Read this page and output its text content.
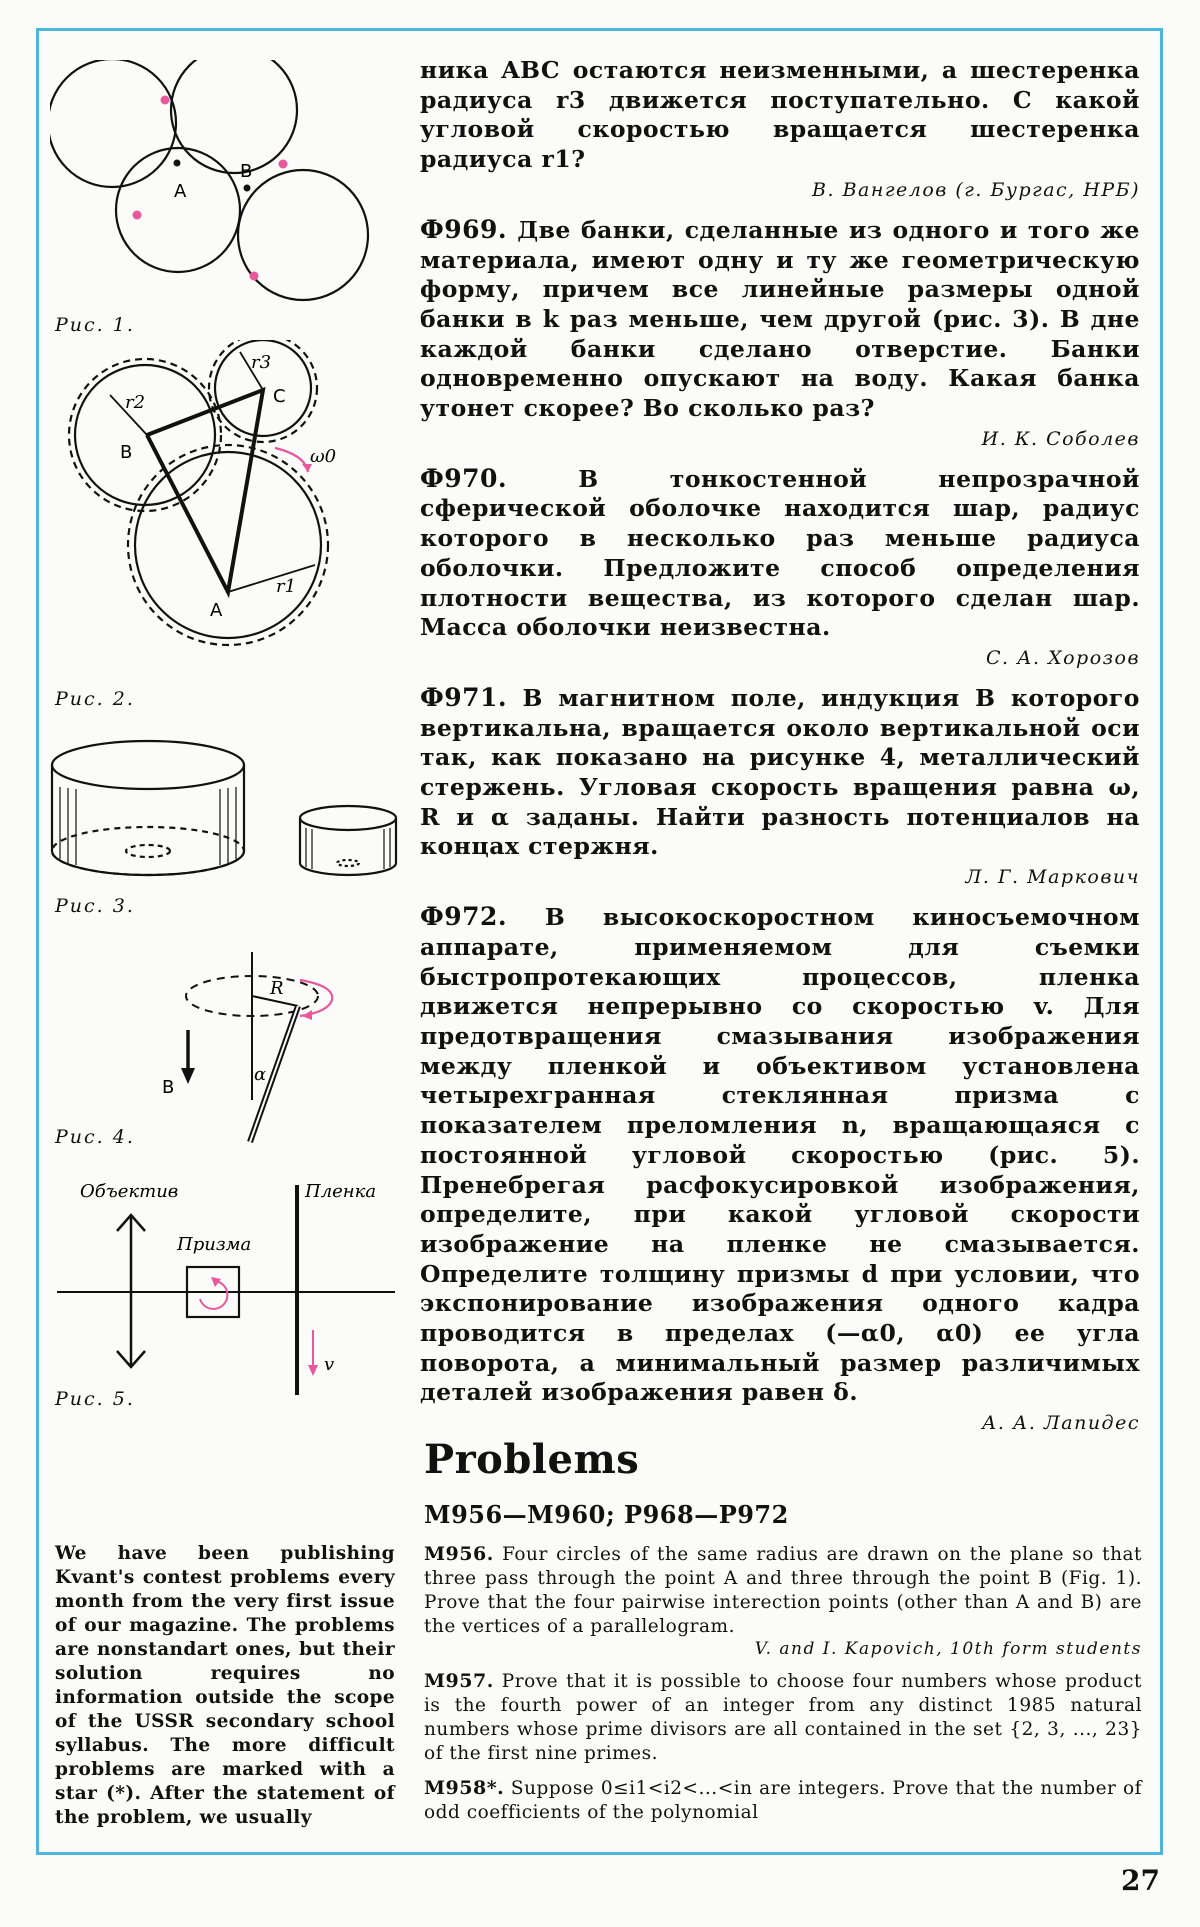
A
B
Рис. 1.
r2
r3
C
B	ω0
A
r1
Рис. 2.
Рис. 3.
R
α
B
Рис. 4.
Объектив	Пленка
Призма
v
Рис. 5.

ника ABC остаются неизменными, а шестеренка радиуса r3 движется поступательно. С какой угловой скоростью вращается шестеренка радиуса r1?

В. Вангелов (г. Бургас, НРБ)

Ф969. Две банки, сделанные из одного и того же материала, имеют одну и ту же геометрическую форму, причем все линейные размеры одной банки в k раз меньше, чем другой (рис. 3). В дне каждой банки сделано отверстие. Банки одновременно опускают на воду. Какая банка утонет скорее? Во сколько раз?

И. К. Соболев

Ф970.	В тонкостенной непрозрачной сферической оболочке находится шар, радиус которого в несколько раз меньше радиуса оболочки. Предложите способ определения плотности вещества, из которого сделан шар. Масса оболочки неизвестна.

С. А. Хорозов

Ф971. В магнитном поле, индукция B которого вертикальна, вращается около вертикальной оси так, как показано на рисунке 4, металлический стержень. Угловая скорость вращения равна ω, R и α заданы. Найти разность потенциалов на концах стержня.

Л. Г. Маркович

Ф972. В высокоскоростном киносъемочном аппарате, применяемом для съемки быстропротекающих процессов, пленка движется непрерывно со скоростью v. Для предотвращения смазывания изображения между пленкой и объективом установлена четырехгранная стеклянная призма с показателем преломления n, вращающаяся с постоянной угловой скоростью (рис. 5). Пренебрегая расфокусировкой изображения, определите, при какой угловой скорости изображение на пленке не смазывается. Определите толщину призмы d при условии, что экспонирование изображения одного кадра проводится в пределах (—α0, α0) ее угла поворота, а минимальный размер различимых деталей изображения равен δ.

А. А. Лапидес
Problems
M956—M960; P968—P972
We have been publishing Kvant's contest problems every month from the very first issue of our magazine. The problems are nonstandart ones, but their solution requires no information outside the scope of the USSR secondary school syllabus. The more difficult problems are marked with a star (*). After the statement of the problem, we usually

M956. Four circles of the same radius are drawn on the plane so that three pass through the point A and three through the point B (Fig. 1). Prove that the four pairwise interection points (other than A and B) are the vertices of a parallelogram.

V. and I. Kapovich, 10th form students

M957. Prove that it is possible to choose four numbers whose product is the fourth power of an integer from any distinct 1985 natural numbers whose prime divisors are all contained in the set {2, 3, ..., 23} of the first nine primes.

M958*. Suppose 0≤i1<i2<...<in are integers. Prove that the number of odd coefficients of the polynomial

27
